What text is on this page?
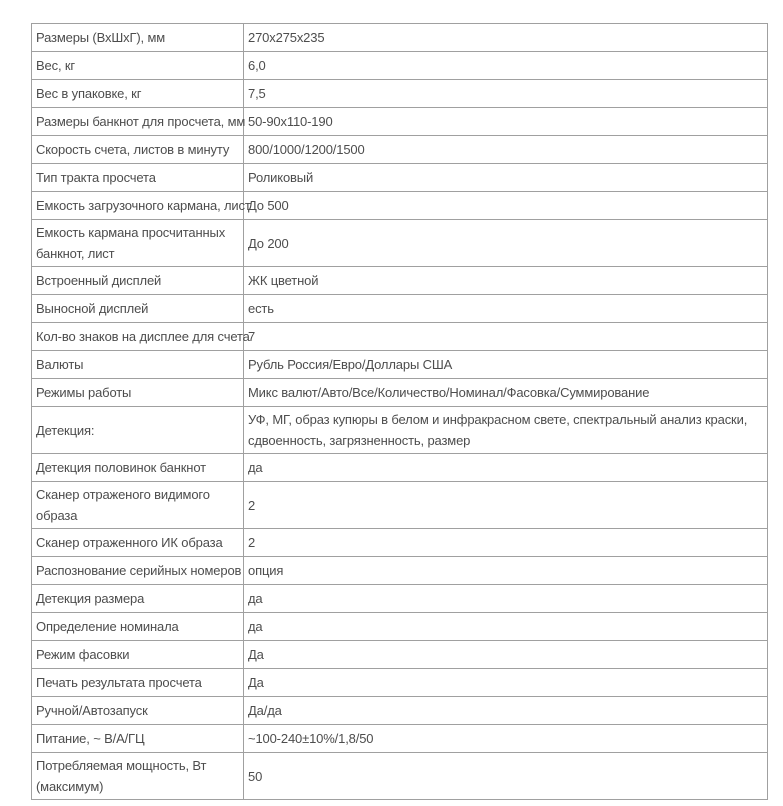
Размеры (ВхШхГ), мм	270x275x235
Вес, кг	6,0
Вес в упаковке, кг	7,5
Размеры банкнот для просчета, мм	50-90x110-190
Скорость счета, листов в минуту	800/1000/1200/1500
Тип тракта просчета	Роликовый
Емкость загрузочного кармана, лист	До 500
Емкость кармана просчитанных банкнот, лист	До 200
Встроенный дисплей	ЖК цветной
Выносной дисплей	есть
Кол-во знаков на дисплее для счета	7
Валюты	Рубль Россия/Евро/Доллары США
Режимы работы	Микс валют/Авто/Все/Количество/Номинал/Фасовка/Суммирование
Детекция:	УФ, МГ, образ купюры в белом и инфракрасном свете, спектральный анализ краски, сдвоенность, загрязненность, размер
Детекция половинок банкнот	да
Сканер отраженого видимого образа	2
Сканер отраженного ИК образа	2
Распознование серийных номеров	опция
Детекция размера	да
Определение номинала	да
Режим фасовки	Да
Печать результата просчета	Да
Ручной/Автозапуск	Да/да
Питание, ~ В/А/ГЦ	~100-240±10%/1,8/50
Потребляемая мощность, Вт (максимум)	50
